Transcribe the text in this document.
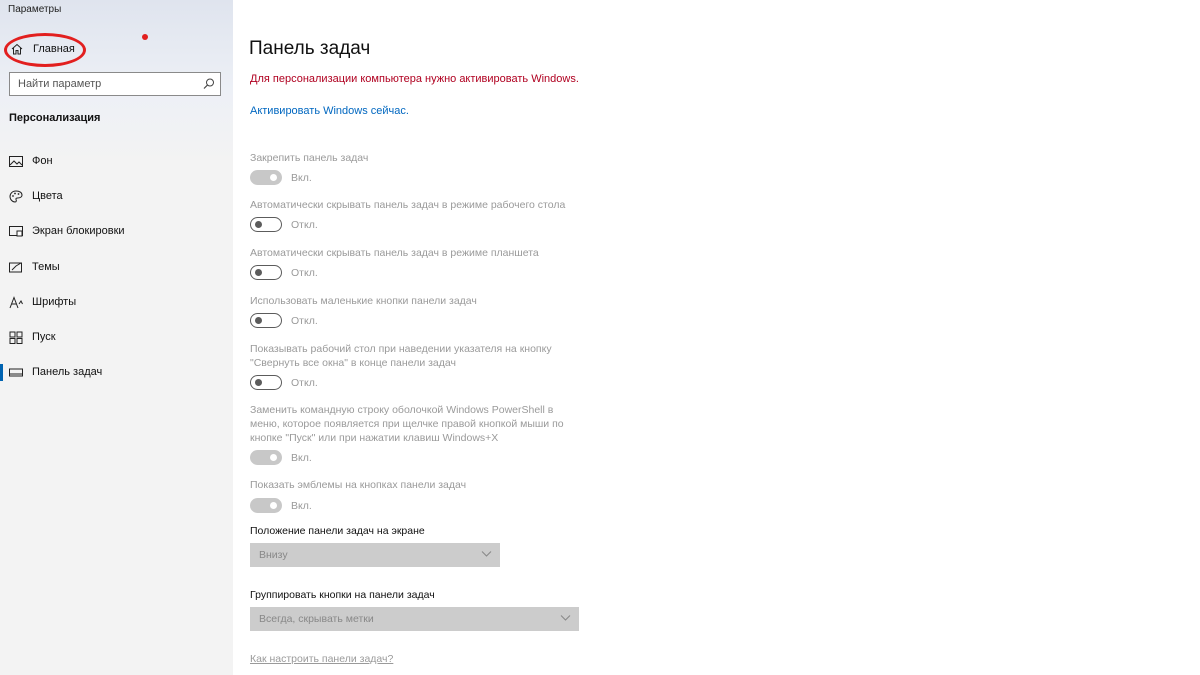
Параметры
Главная
Найти параметр
Персонализация
Фон
Цвета
Экран блокировки
Темы
Шрифты
Пуск
Панель задач
Панель задач
Для персонализации компьютера нужно активировать Windows.
Активировать Windows сейчас.
Закрепить панель задач
Вкл.
Автоматически скрывать панель задач в режиме рабочего стола
Откл.
Автоматически скрывать панель задач в режиме планшета
Откл.
Использовать маленькие кнопки панели задач
Откл.
Показывать рабочий стол при наведении указателя на кнопку "Свернуть все окна" в конце панели задач
Откл.
Заменить командную строку оболочкой Windows PowerShell в меню, которое появляется при щелчке правой кнопкой мыши по кнопке "Пуск" или при нажатии клавиш Windows+X
Вкл.
Показать эмблемы на кнопках панели задач
Вкл.
Положение панели задач на экране
Внизу
Группировать кнопки на панели задач
Всегда, скрывать метки
Как настроить панели задач?
